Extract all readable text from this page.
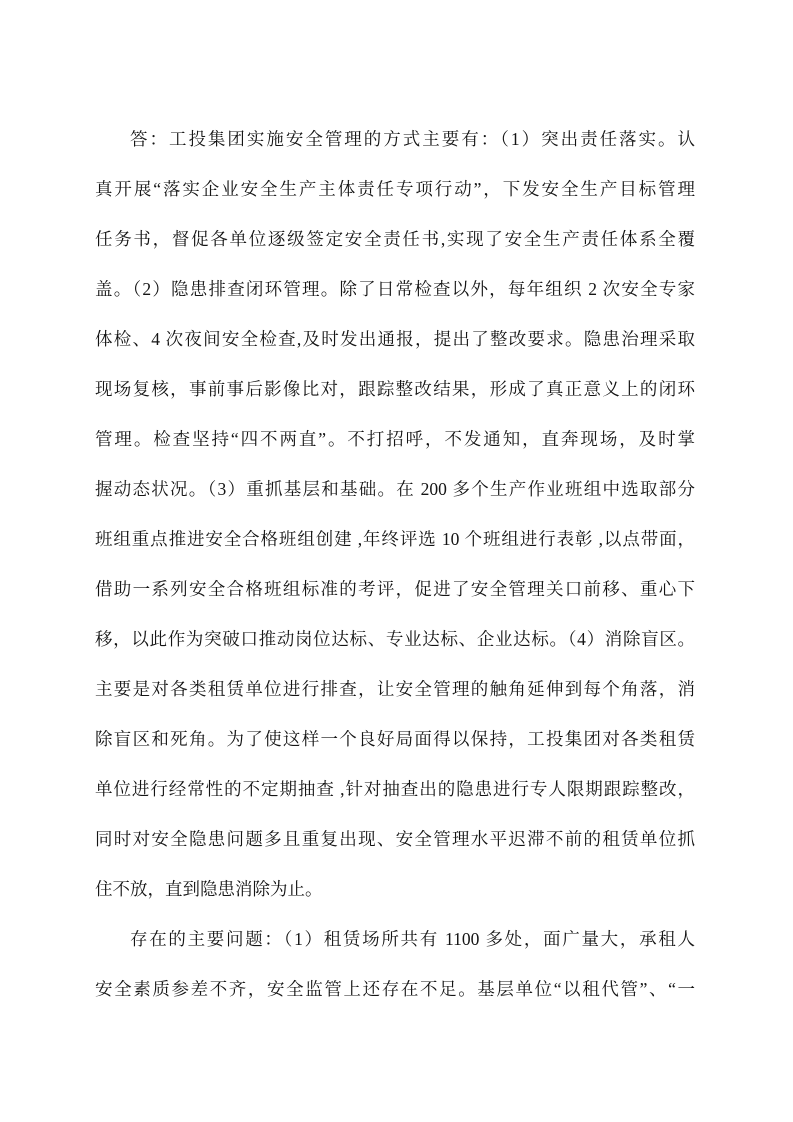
答：工投集团实施安全管理的方式主要有：（1）突出责任落实。认
真开展“落实企业安全生产主体责任专项行动”，下发安全生产目标管理
任务书，督促各单位逐级签定安全责任书,实现了安全生产责任体系全覆
盖。（2）隐患排查闭环管理。除了日常检查以外，每年组织 2 次安全专家
体检、4 次夜间安全检查,及时发出通报，提出了整改要求。隐患治理采取
现场复核，事前事后影像比对，跟踪整改结果，形成了真正意义上的闭环
管理。检查坚持“四不两直”。不打招呼，不发通知，直奔现场，及时掌
握动态状况。（3）重抓基层和基础。在 200 多个生产作业班组中选取部分
班组重点推进安全合格班组创建 ,年终评选 10 个班组进行表彰 ,以点带面，
借助一系列安全合格班组标准的考评，促进了安全管理关口前移、重心下
移，以此作为突破口推动岗位达标、专业达标、企业达标。（4）消除盲区。
主要是对各类租赁单位进行排查，让安全管理的触角延伸到每个角落，消
除盲区和死角。为了使这样一个良好局面得以保持，工投集团对各类租赁
单位进行经常性的不定期抽查 ,针对抽查出的隐患进行专人限期跟踪整改，
同时对安全隐患问题多且重复出现、安全管理水平迟滞不前的租赁单位抓
住不放，直到隐患消除为止。
存在的主要问题：（1）租赁场所共有 1100 多处，面广量大，承租人
安全素质参差不齐，安全监管上还存在不足。基层单位“以租代管”、“一
